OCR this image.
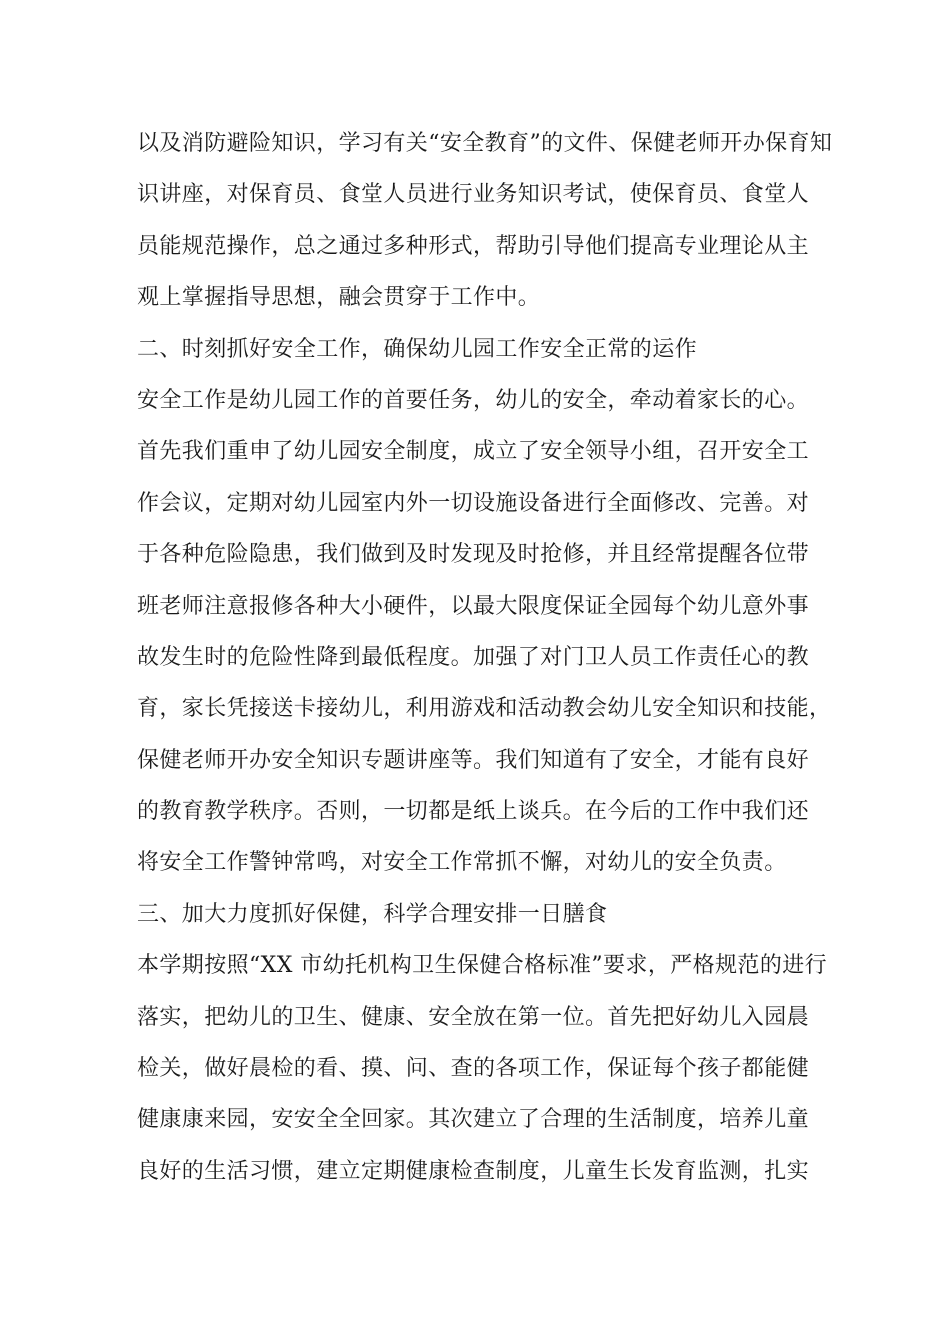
以及消防避险知识，学习有关“安全教育”的文件、保健老师开办保育知
识讲座，对保育员、食堂人员进行业务知识考试，使保育员、食堂人
员能规范操作，总之通过多种形式，帮助引导他们提高专业理论从主
观上掌握指导思想，融会贯穿于工作中。
二、时刻抓好安全工作，确保幼儿园工作安全正常的运作
安全工作是幼儿园工作的首要任务，幼儿的安全，牵动着家长的心。
首先我们重申了幼儿园安全制度，成立了安全领导小组，召开安全工
作会议，定期对幼儿园室内外一切设施设备进行全面修改、完善。对
于各种危险隐患，我们做到及时发现及时抢修，并且经常提醒各位带
班老师注意报修各种大小硬件，以最大限度保证全园每个幼儿意外事
故发生时的危险性降到最低程度。加强了对门卫人员工作责任心的教
育，家长凭接送卡接幼儿，利用游戏和活动教会幼儿安全知识和技能，
保健老师开办安全知识专题讲座等。我们知道有了安全，才能有良好
的教育教学秩序。否则，一切都是纸上谈兵。在今后的工作中我们还
将安全工作警钟常鸣，对安全工作常抓不懈，对幼儿的安全负责。
三、加大力度抓好保健，科学合理安排一日膳食
本学期按照“XX 市幼托机构卫生保健合格标准”要求，严格规范的进行
落实，把幼儿的卫生、健康、安全放在第一位。首先把好幼儿入园晨
检关，做好晨检的看、摸、问、查的各项工作，保证每个孩子都能健
健康康来园，安安全全回家。其次建立了合理的生活制度，培养儿童
良好的生活习惯，建立定期健康检查制度，儿童生长发育监测，扎实
